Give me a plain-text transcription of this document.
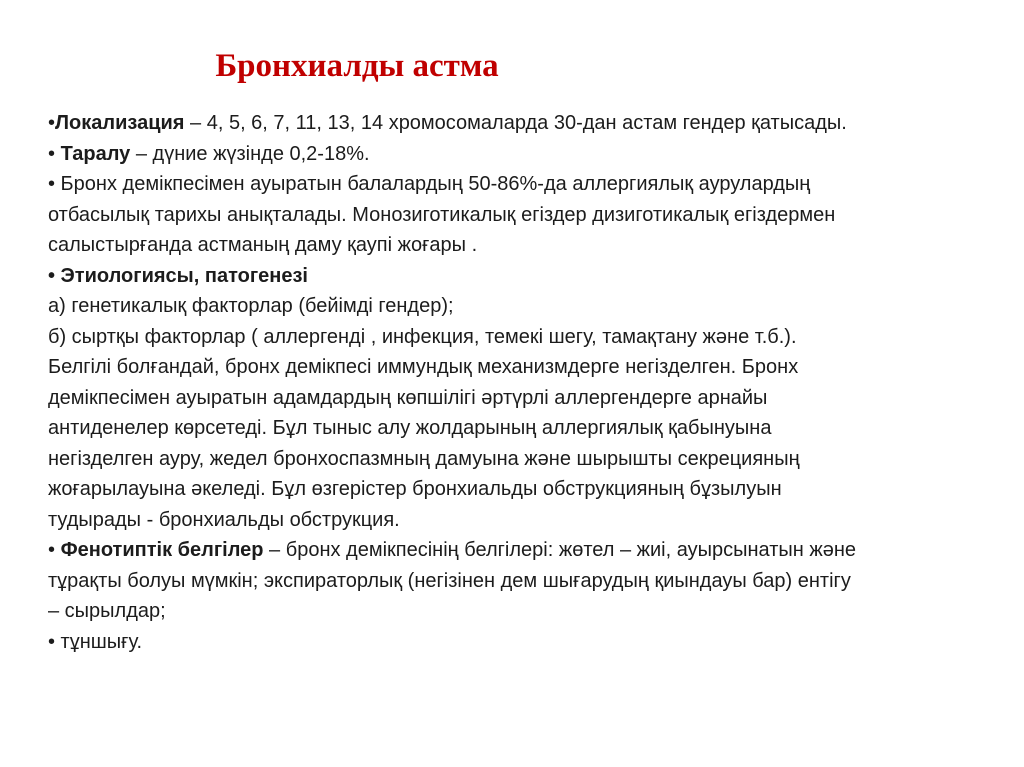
Бронхиалды астма
•Локализация – 4, 5, 6, 7, 11, 13, 14 хромосомаларда 30-дан астам гендер қатысады.
• Таралу – дүние жүзінде 0,2-18%.
• Бронх демікпесімен ауыратын балалардың 50-86%-да аллергиялық аурулардың
отбасылық тарихы анықталады. Монозиготикалық егіздер дизиготикалық егіздермен
салыстырғанда астманың даму қаупі жоғары .
• Этиологиясы, патогенезі
а) генетикалық факторлар (бейімді гендер);
б) сыртқы факторлар ( аллергенді , инфекция, темекі шегу, тамақтану және т.б.).
Белгілі болғандай, бронх демікпесі иммундық механизмдерге негізделген. Бронх
демікпесімен ауыратын адамдардың көпшілігі әртүрлі аллергендерге арнайы
антиденелер көрсетеді. Бұл тыныс алу жолдарының аллергиялық қабынуына
негізделген ауру, жедел бронхоспазмның дамуына және шырышты секрецияның
жоғарылауына әкеледі. Бұл өзгерістер бронхиальды обструкцияның бұзылуын
тудырады - бронхиальды обструкция.
• Фенотиптік белгілер – бронх демікпесінің белгілері: жөтел – жиі, ауырсынатын және
тұрақты болуы мүмкін; экспираторлық (негізінен дем шығарудың қиындауы бар) ентігу
– сырылдар;
• тұншығу.
